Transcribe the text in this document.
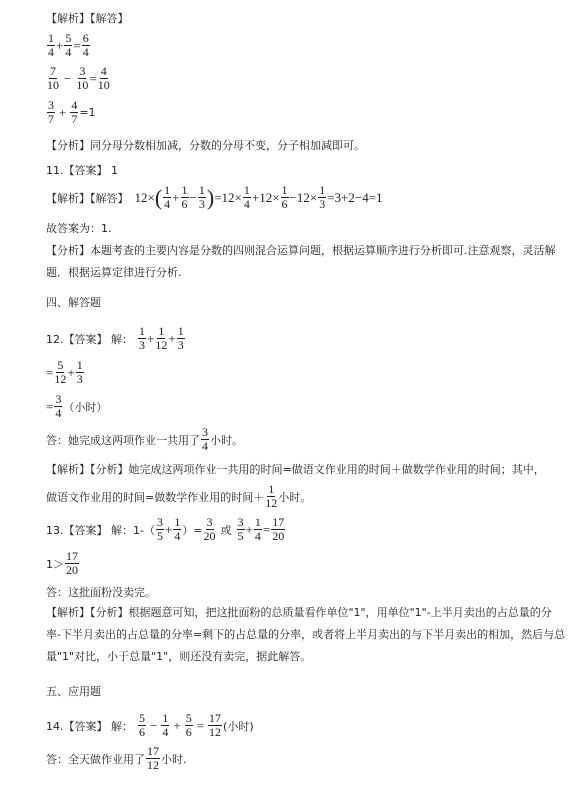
【解析】【解答】
$\frac{1}{4} + \frac{5}{4} = \frac{6}{4}$
$\frac{7}{10} - \frac{3}{10} = \frac{4}{10}$
$\frac{3}{7} + \frac{4}{7} =1$
【分析】同分母分数相加减，分数的分母不变，分子相加减即可。
11.【答案】 1
【解析】【解答】 12× ( $\frac{1}{4} + \frac{1}{6} - \frac{1}{3}$ ) $=12\times \frac{1}{4} +12\times \frac{1}{6} -12\times \frac{1}{3} =3+2-4=1$
故答案为：1.
【分析】本题考查的主要内容是分数的四则混合运算问题，根据运算顺序进行分析即可.注意观察，灵活解题．根据运算定律进行分析.
四、解答题
12.【答案】 解： $\frac{1}{3} + \frac{1}{12} + \frac{1}{3}$
= $\frac{5}{12} + \frac{1}{3}$
= $\frac{3}{4}$ （小时）
答：她完成这两项作业一共用了 $\frac{3}{4}$ 小时。
【解析】【分析】她完成这两项作业一共用的时间=做语文作业用的时间＋做数学作业用的时间；其中，
做语文作业用的时间=做数学作业用的时间＋ $\frac{1}{12}$ 小时。
13.【答案】 解：$1-( \frac{3}{5} + \frac{1}{4}$ ）= $\frac{3}{20}$ 或 $\frac{3}{5} + \frac{1}{4} = \frac{17}{20}$
$1> \frac{17}{20}$
答：这批面粉没卖完。
【解析】【分析】根据题意可知，把这批面粉的总质量看作单位"1"，用单位"1"-上半月卖出的占总量的分率-下半月卖出的占总量的分率=剩下的占总量的分率，或者将上半月卖出的与下半月卖出的相加，然后与总量"1"对比，小于总量"1"，则还没有卖完，据此解答。
五、应用题
14.【答案】 解： $\frac{5}{6} - \frac{1}{4} + \frac{5}{6} = \frac{17}{12}$ (小时)
答：全天做作业用了 $\frac{17}{12}$ 小时.
